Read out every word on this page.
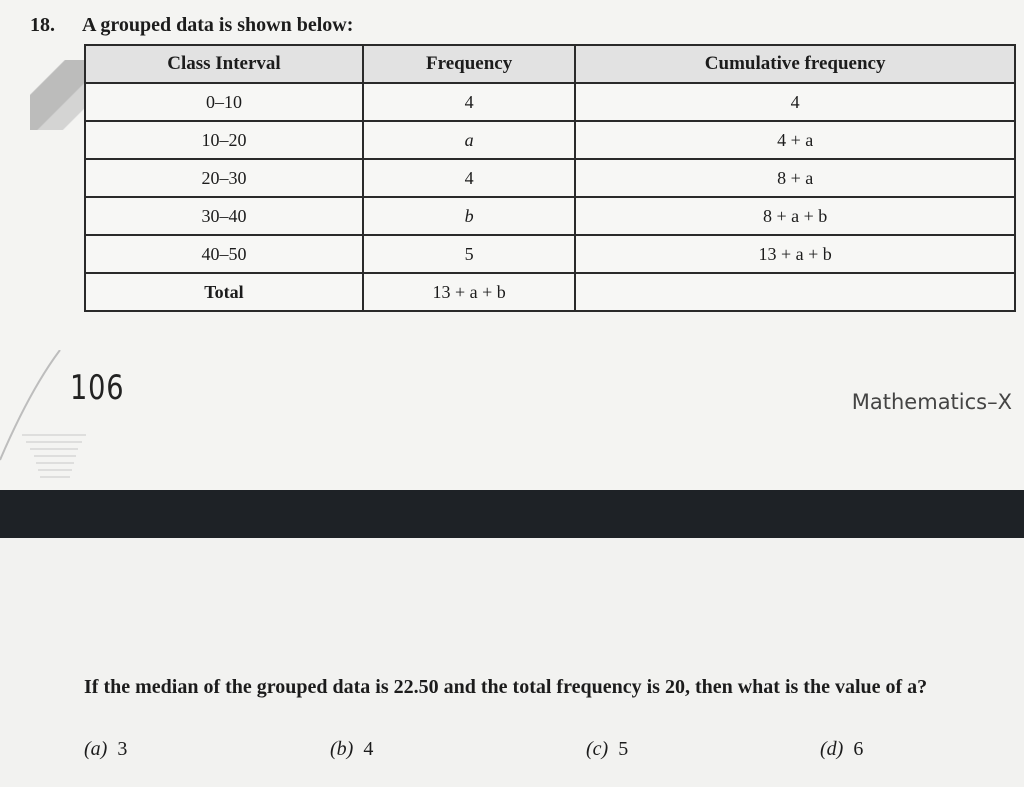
18. A grouped data is shown below:
Class Interval	Frequency	Cumulative frequency
0–10	4	4
10–20	a	4 + a
20–30	4	8 + a
30–40	b	8 + a + b
40–50	5	13 + a + b
Total	13 + a + b	
106	Mathematics–X
If the median of the grouped data is 22.50 and the total frequency is 20, then what is the value of a?
(a) 3	(b) 4	(c) 5	(d) 6
